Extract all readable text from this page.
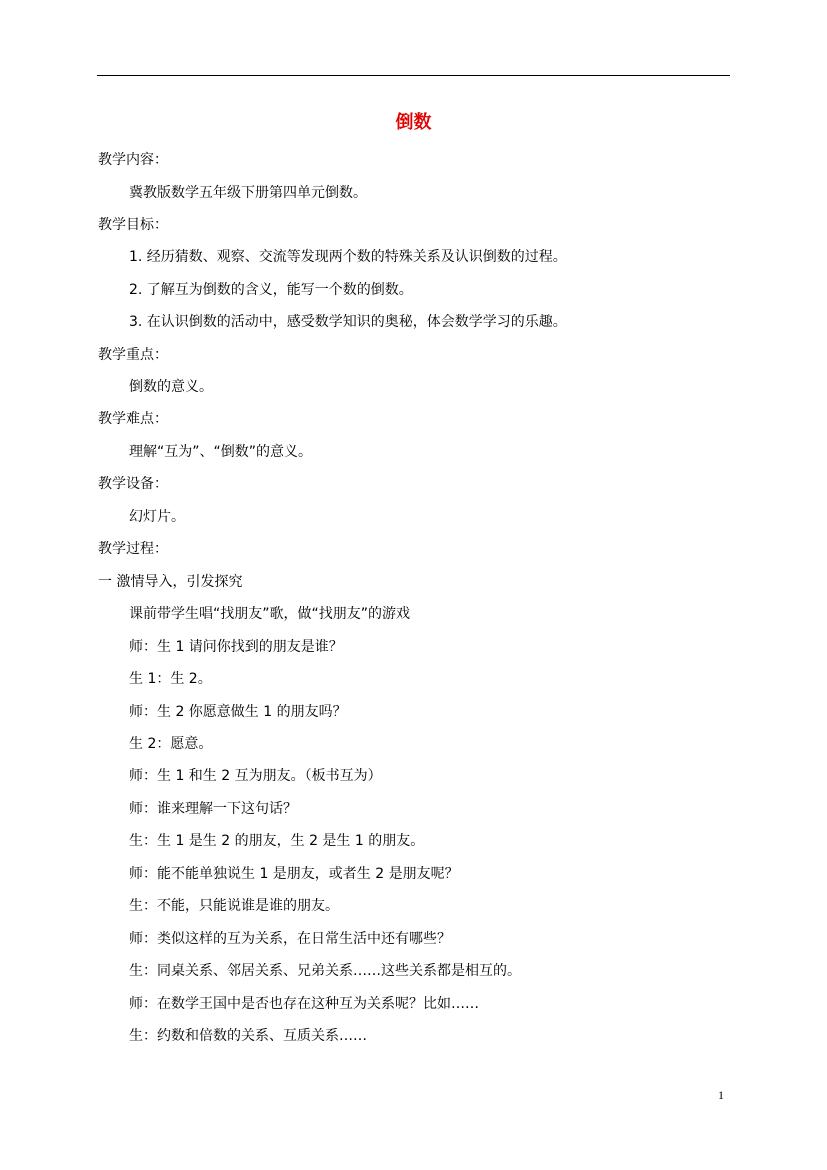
倒数
教学内容：
冀教版数学五年级下册第四单元倒数。
教学目标：
1. 经历猜数、观察、交流等发现两个数的特殊关系及认识倒数的过程。
2. 了解互为倒数的含义，能写一个数的倒数。
3. 在认识倒数的活动中，感受数学知识的奥秘，体会数学学习的乐趣。
教学重点：
倒数的意义。
教学难点：
理解“互为”、“倒数”的意义。
教学设备：
幻灯片。
教学过程：
一 激情导入，引发探究
课前带学生唱“找朋友”歌，做“找朋友”的游戏
师：生 1 请问你找到的朋友是谁？
生 1：生 2。
师：生 2 你愿意做生 1 的朋友吗？
生 2：愿意。
师：生 1 和生 2 互为朋友。（板书互为）
师：谁来理解一下这句话？
生：生 1 是生 2 的朋友，生 2 是生 1 的朋友。
师：能不能单独说生 1 是朋友，或者生 2 是朋友呢？
生：不能，只能说谁是谁的朋友。
师：类似这样的互为关系，在日常生活中还有哪些？
生：同桌关系、邻居关系、兄弟关系……这些关系都是相互的。
师：在数学王国中是否也存在这种互为关系呢？比如……
生：约数和倍数的关系、互质关系……
1
